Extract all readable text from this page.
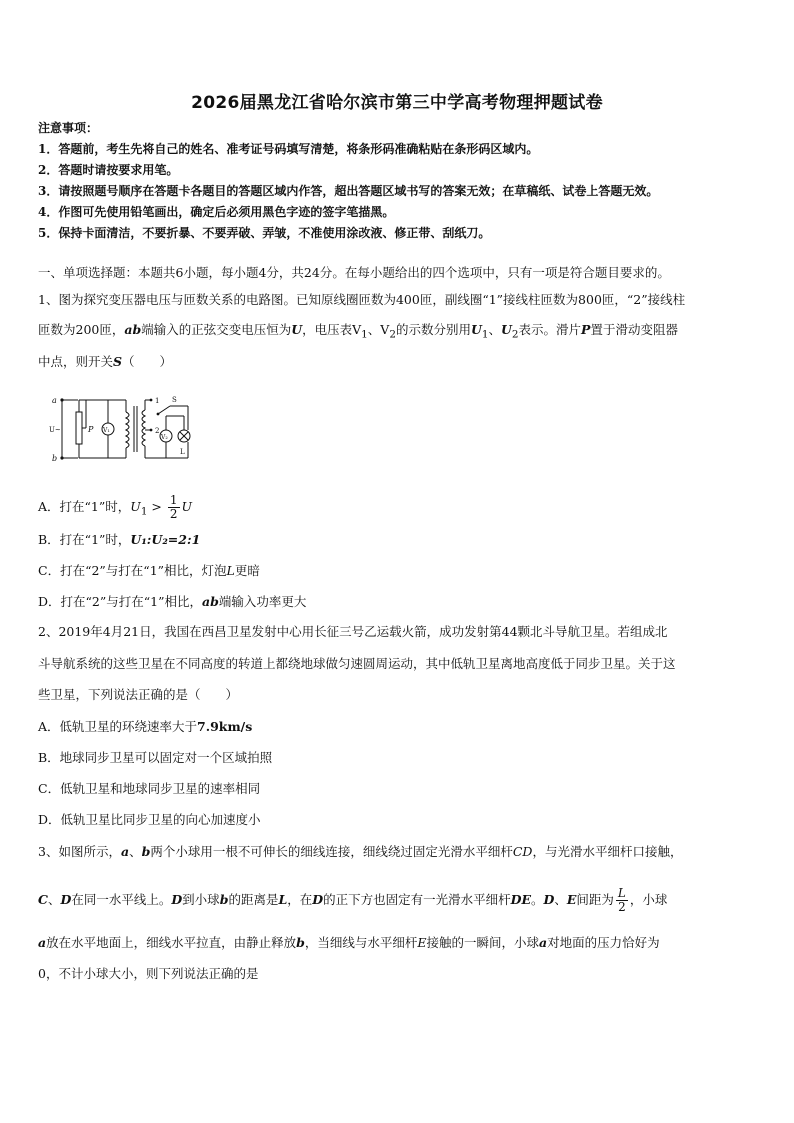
2026届黑龙江省哈尔滨市第三中学高考物理押题试卷
注意事项：
1．答题前，考生先将自己的姓名、准考证号码填写清楚，将条形码准确粘贴在条形码区域内。
2．答题时请按要求用笔。
3．请按照题号顺序在答题卡各题目的答题区域内作答，超出答题区域书写的答案无效；在草稿纸、试卷上答题无效。
4．作图可先使用铅笔画出，确定后必须用黑色字迹的签字笔描黑。
5．保持卡面清洁，不要折暴、不要弄破、弄皱，不准使用涂改液、修正带、刮纸刀。
一、单项选择题：本题共6小题，每小题4分，共24分。在每小题给出的四个选项中，只有一项是符合题目要求的。
1、图为探究变压器电压与匝数关系的电路图。已知原线圈匝数为400匝，副线圈“1”接线柱匝数为800匝，“2”接线柱
匝数为200匝，ab端输入的正弦交变电压恒为U，电压表$V_1$、$V_2$的示数分别用$U_1$、$U_2$表示。滑片P置于滑动变阻器
中点，则开关S（　　）
a
b
U~	P V₁
1
2
S
V₂
L
A．打在“1”时，$U_1 > \frac{1}{2}$ U
B．打在“1”时，U₁:U₂=2:1
C．打在“2”与打在“1”相比，灯泡L更暗
D．打在“2”与打在“1”相比，ab端输入功率更大
2、2019年4月21日，我国在西昌卫星发射中心用长征三号乙运载火箭，成功发射第44颗北斗导航卫星。若组成北
斗导航系统的这些卫星在不同高度的转道上都绕地球做匀速圆周运动，其中低轨卫星离地高度低于同步卫星。关于这
些卫星，下列说法正确的是（　　）
A．低轨卫星的环绕速率大于7.9km/s
B．地球同步卫星可以固定对一个区域拍照
C．低轨卫星和地球同步卫星的速率相同
D．低轨卫星比同步卫星的向心加速度小
3、如图所示，a、b两个小球用一根不可伸长的细线连接，细线绕过固定光滑水平细杆CD，与光滑水平细杆口接触，
C、D在同一水平线上。D到小球b的距离是L，在D的正下方也固定有一光滑水平细杆DE。D、E间距为 $\frac{L}{2}$ ，小球
a放在水平地面上，细线水平拉直，由静止释放b，当细线与水平细杆E接触的一瞬间，小球a对地面的压力恰好为
0，不计小球大小，则下列说法正确的是
